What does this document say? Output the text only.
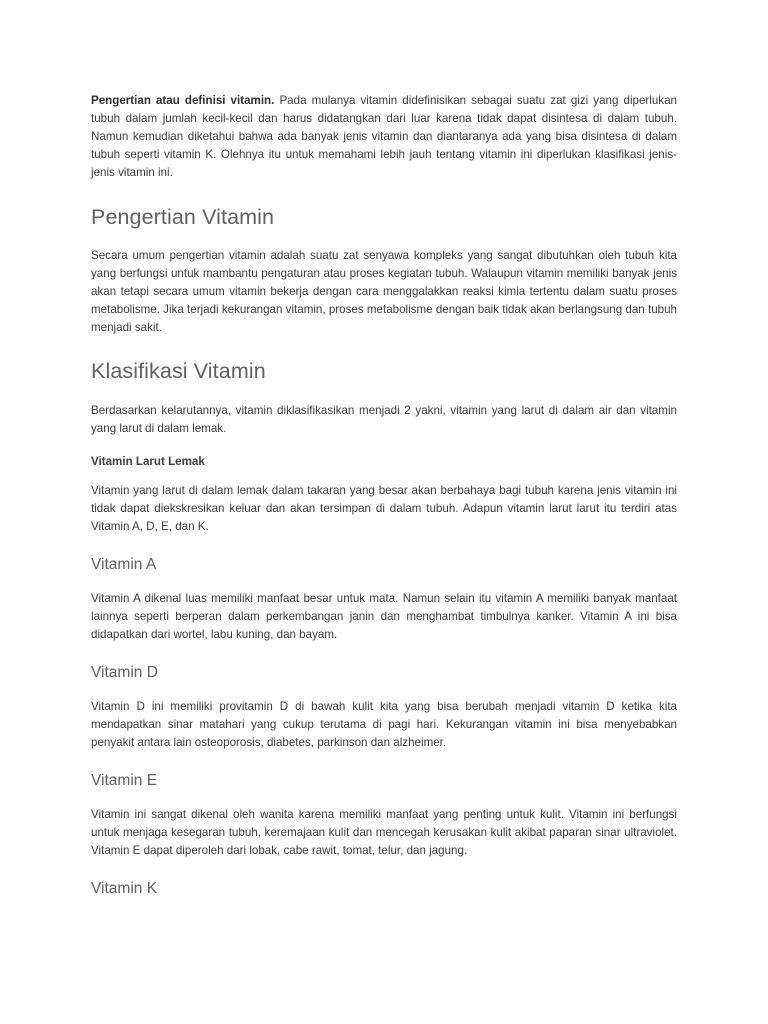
Pengertian atau definisi vitamin. Pada mulanya vitamin didefinisikan sebagai suatu zat gizi yang diperlukan tubuh dalam jumlah kecil-kecil dan harus didatangkan dari luar karena tidak dapat disintesa di dalam tubuh. Namun kemudian diketahui bahwa ada banyak jenis vitamin dan diantaranya ada yang bisa disintesa di dalam tubuh seperti vitamin K. Olehnya itu untuk memahami lebih jauh tentang vitamin ini diperlukan klasifikasi jenis-jenis vitamin ini.

Pengertian Vitamin

Secara umum pengertian vitamin adalah suatu zat senyawa kompleks yang sangat dibutuhkan oleh tubuh kita yang berfungsi untuk mambantu pengaturan atau proses kegiatan tubuh. Walaupun vitamin memiliki banyak jenis akan tetapi secara umum vitamin bekerja dengan cara menggalakkan reaksi kimia tertentu dalam suatu proses metabolisme. Jika terjadi kekurangan vitamin, proses metabolisme dengan baik tidak akan berlangsung dan tubuh menjadi sakit.

Klasifikasi Vitamin

Berdasarkan kelarutannya, vitamin diklasifikasikan menjadi 2 yakni, vitamin yang larut di dalam air dan vitamin yang larut di dalam lemak.

Vitamin Larut Lemak

Vitamin yang larut di dalam lemak dalam takaran yang besar akan berbahaya bagi tubuh karena jenis vitamin ini tidak dapat diekskresikan keluar dan akan tersimpan di dalam tubuh. Adapun vitamin larut larut itu terdiri atas Vitamin A, D, E, dan K.

Vitamin A

Vitamin A dikenal luas memiliki manfaat besar untuk mata. Namun selain itu vitamin A memiliki banyak manfaat lainnya seperti berperan dalam perkembangan janin dan menghambat timbulnya kanker. Vitamin A ini bisa didapatkan dari wortel, labu kuning, dan bayam.

Vitamin D

Vitamin D ini memiliki provitamin D di bawah kulit kita yang bisa berubah menjadi vitamin D ketika kita mendapatkan sinar matahari yang cukup terutama di pagi hari. Kekurangan vitamin ini bisa menyebabkan penyakit antara lain osteoporosis, diabetes, parkinson dan alzheimer.

Vitamin E

Vitamin ini sangat dikenal oleh wanita karena memiliki manfaat yang penting untuk kulit. Vitamin ini berfungsi untuk menjaga kesegaran tubuh, keremajaan kulit dan mencegah kerusakan kulit akibat paparan sinar ultraviolet. Vitamin E dapat diperoleh dari lobak, cabe rawit, tomat, telur, dan jagung.

Vitamin K
